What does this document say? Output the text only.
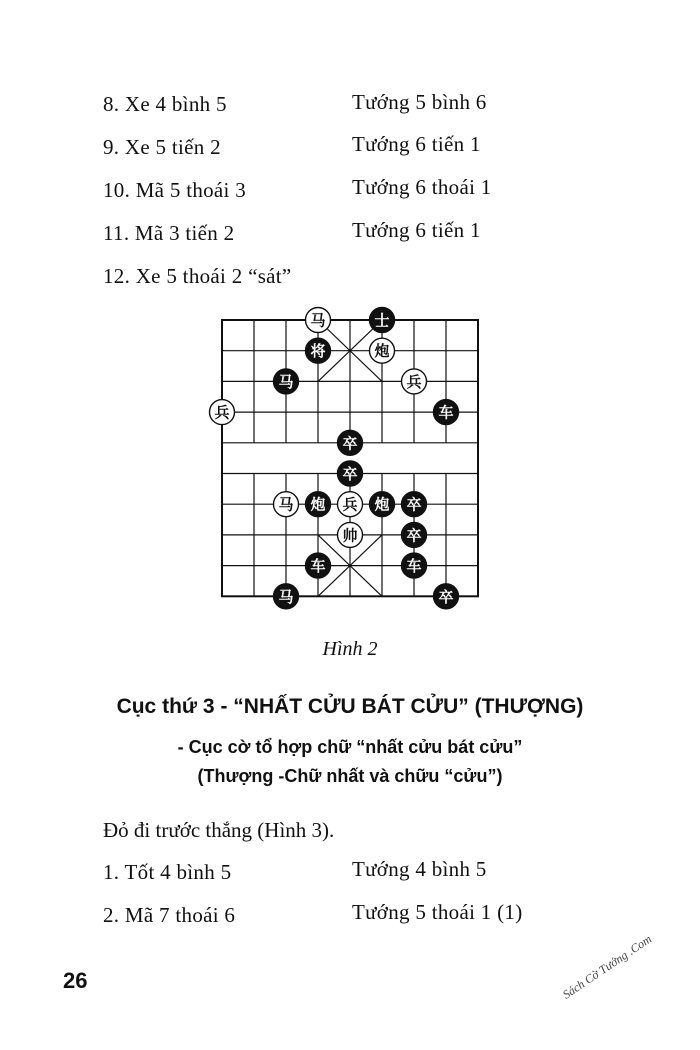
8. Xe 4 bình 5	Tướng 5 bình 6
9. Xe 5 tiến 2	Tướng 6 tiến 1
10. Mã 5 thoái 3	Tướng 6 thoái 1
11. Mã 3 tiến 2	Tướng 6 tiến 1
12. Xe 5 thoái 2 “sát”
马	士
将	炮
马	兵
兵	车
卒
卒
马 炮 兵 炮 卒
帅	卒
车	车
马	卒
Hình 2
Cục thứ 3 - “NHẤT CỬU BÁT CỬU” (THƯỢNG)
- Cục cờ tổ hợp chữ “nhất cửu bát cửu”
(Thượng -Chữ nhất và chữu “cửu”)
Đỏ đi trước thắng (Hình 3).
1. Tốt 4 bình 5	Tướng 4 bình 5
2. Mã 7 thoái 6	Tướng 5 thoái 1 (1)
26	Sách Cờ Tướng .Com
